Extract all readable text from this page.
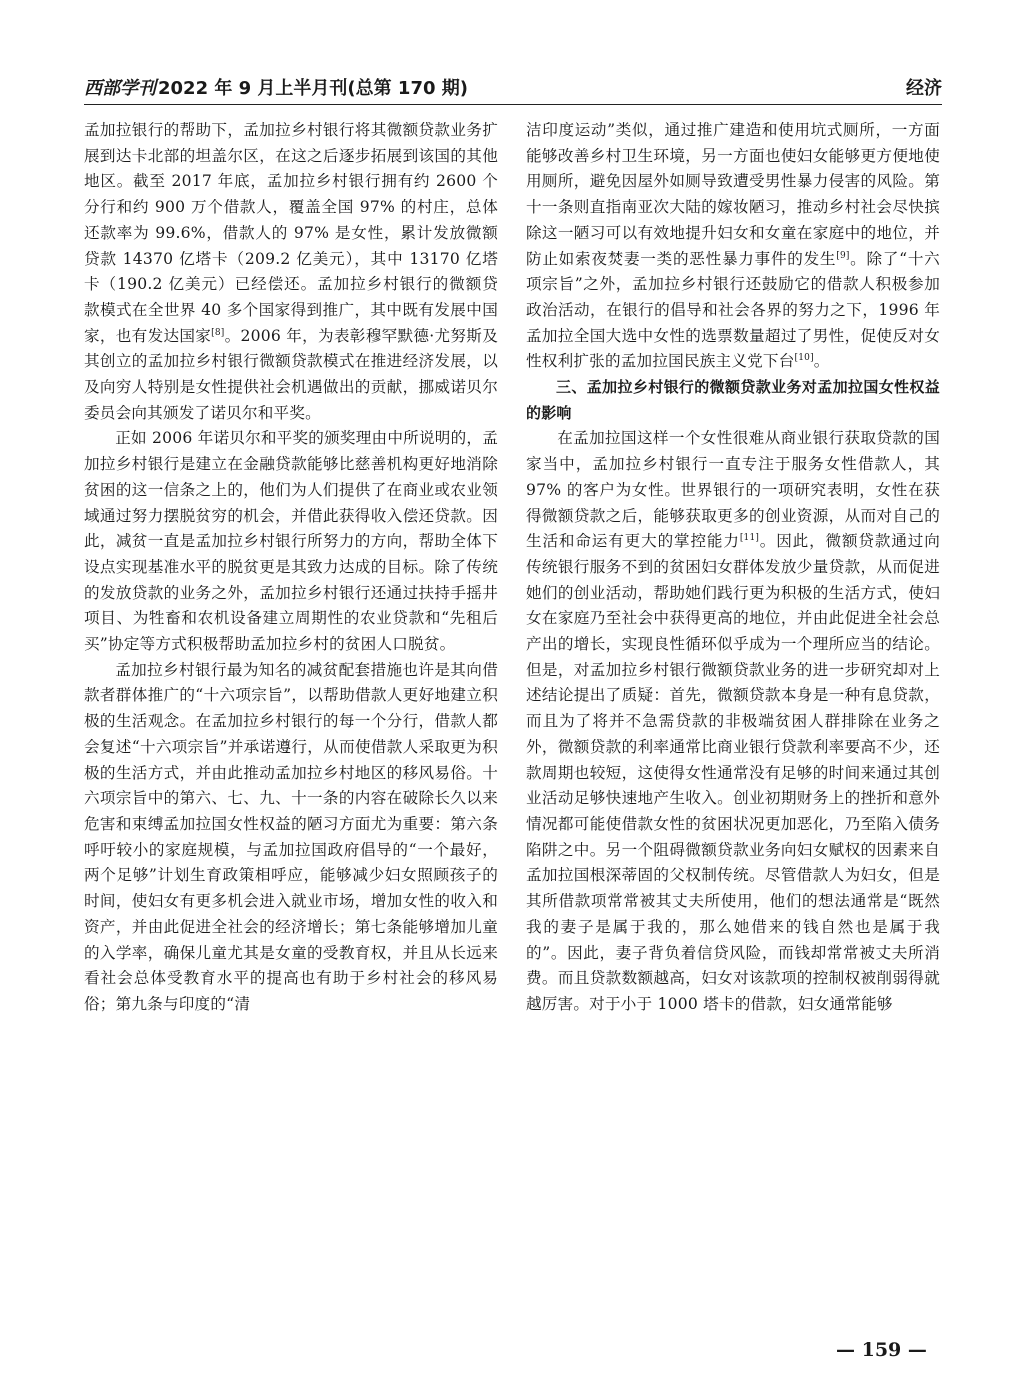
西部学刊 2022 年 9 月上半月刊(总第 170 期)	经济

孟加拉银行的帮助下，孟加拉乡村银行将其微额贷款业务扩展到达卡北部的坦盖尔区，在这之后逐步拓展到该国的其他地区。截至 2017 年底，孟加拉乡村银行拥有约 2600 个分行和约 900 万个借款人，覆盖全国 97% 的村庄，总体还款率为 99.6%，借款人的 97% 是女性，累计发放微额贷款 14370 亿塔卡（209.2 亿美元），其中 13170 亿塔卡（190.2 亿美元）已经偿还。孟加拉乡村银行的微额贷款模式在全世界 40 多个国家得到推广，其中既有发展中国家，也有发达国家[8]。2006 年，为表彰穆罕默德·尤努斯及其创立的孟加拉乡村银行微额贷款模式在推进经济发展，以及向穷人特别是女性提供社会机遇做出的贡献，挪威诺贝尔委员会向其颁发了诺贝尔和平奖。

正如 2006 年诺贝尔和平奖的颁奖理由中所说明的，孟加拉乡村银行是建立在金融贷款能够比慈善机构更好地消除贫困的这一信条之上的，他们为人们提供了在商业或农业领域通过努力摆脱贫穷的机会，并借此获得收入偿还贷款。因此，减贫一直是孟加拉乡村银行所努力的方向，帮助全体下设点实现基准水平的脱贫更是其致力达成的目标。除了传统的发放贷款的业务之外，孟加拉乡村银行还通过扶持手摇井项目、为牲畜和农机设备建立周期性的农业贷款和“先租后买”协定等方式积极帮助孟加拉乡村的贫困人口脱贫。

孟加拉乡村银行最为知名的减贫配套措施也许是其向借款者群体推广的“十六项宗旨”，以帮助借款人更好地建立积极的生活观念。在孟加拉乡村银行的每一个分行，借款人都会复述“十六项宗旨”并承诺遵行，从而使借款人采取更为积极的生活方式，并由此推动孟加拉乡村地区的移风易俗。十六项宗旨中的第六、七、九、十一条的内容在破除长久以来危害和束缚孟加拉国女性权益的陋习方面尤为重要：第六条呼吁较小的家庭规模，与孟加拉国政府倡导的“一个最好，两个足够”计划生育政策相呼应，能够减少妇女照顾孩子的时间，使妇女有更多机会进入就业市场，增加女性的收入和资产，并由此促进全社会的经济增长；第七条能够增加儿童的入学率，确保儿童尤其是女童的受教育权，并且从长远来看社会总体受教育水平的提高也有助于乡村社会的移风易俗；第九条与印度的“清

洁印度运动”类似，通过推广建造和使用坑式厕所，一方面能够改善乡村卫生环境，另一方面也使妇女能够更方便地使用厕所，避免因屋外如厕导致遭受男性暴力侵害的风险。第十一条则直指南亚次大陆的嫁妆陋习，推动乡村社会尽快摈除这一陋习可以有效地提升妇女和女童在家庭中的地位，并防止如索夜焚妻一类的恶性暴力事件的发生[9]。除了“十六项宗旨”之外，孟加拉乡村银行还鼓励它的借款人积极参加政治活动，在银行的倡导和社会各界的努力之下，1996 年孟加拉全国大选中女性的选票数量超过了男性，促使反对女性权利扩张的孟加拉国民族主义党下台[10]。

三、孟加拉乡村银行的微额贷款业务对孟加拉国女性权益的影响

在孟加拉国这样一个女性很难从商业银行获取贷款的国家当中，孟加拉乡村银行一直专注于服务女性借款人，其 97% 的客户为女性。世界银行的一项研究表明，女性在获得微额贷款之后，能够获取更多的创业资源，从而对自己的生活和命运有更大的掌控能力[11]。因此，微额贷款通过向传统银行服务不到的贫困妇女群体发放少量贷款，从而促进她们的创业活动，帮助她们践行更为积极的生活方式，使妇女在家庭乃至社会中获得更高的地位，并由此促进全社会总产出的增长，实现良性循环似乎成为一个理所应当的结论。但是，对孟加拉乡村银行微额贷款业务的进一步研究却对上述结论提出了质疑：首先，微额贷款本身是一种有息贷款，而且为了将并不急需贷款的非极端贫困人群排除在业务之外，微额贷款的利率通常比商业银行贷款利率要高不少，还款周期也较短，这使得女性通常没有足够的时间来通过其创业活动足够快速地产生收入。创业初期财务上的挫折和意外情况都可能使借款女性的贫困状况更加恶化，乃至陷入债务陷阱之中。另一个阻碍微额贷款业务向妇女赋权的因素来自孟加拉国根深蒂固的父权制传统。尽管借款人为妇女，但是其所借款项常常被其丈夫所使用，他们的想法通常是“既然我的妻子是属于我的，那么她借来的钱自然也是属于我的”。因此，妻子背负着信贷风险，而钱却常常被丈夫所消费。而且贷款数额越高，妇女对该款项的控制权被削弱得就越厉害。对于小于 1000 塔卡的借款，妇女通常能够

— 159 —
